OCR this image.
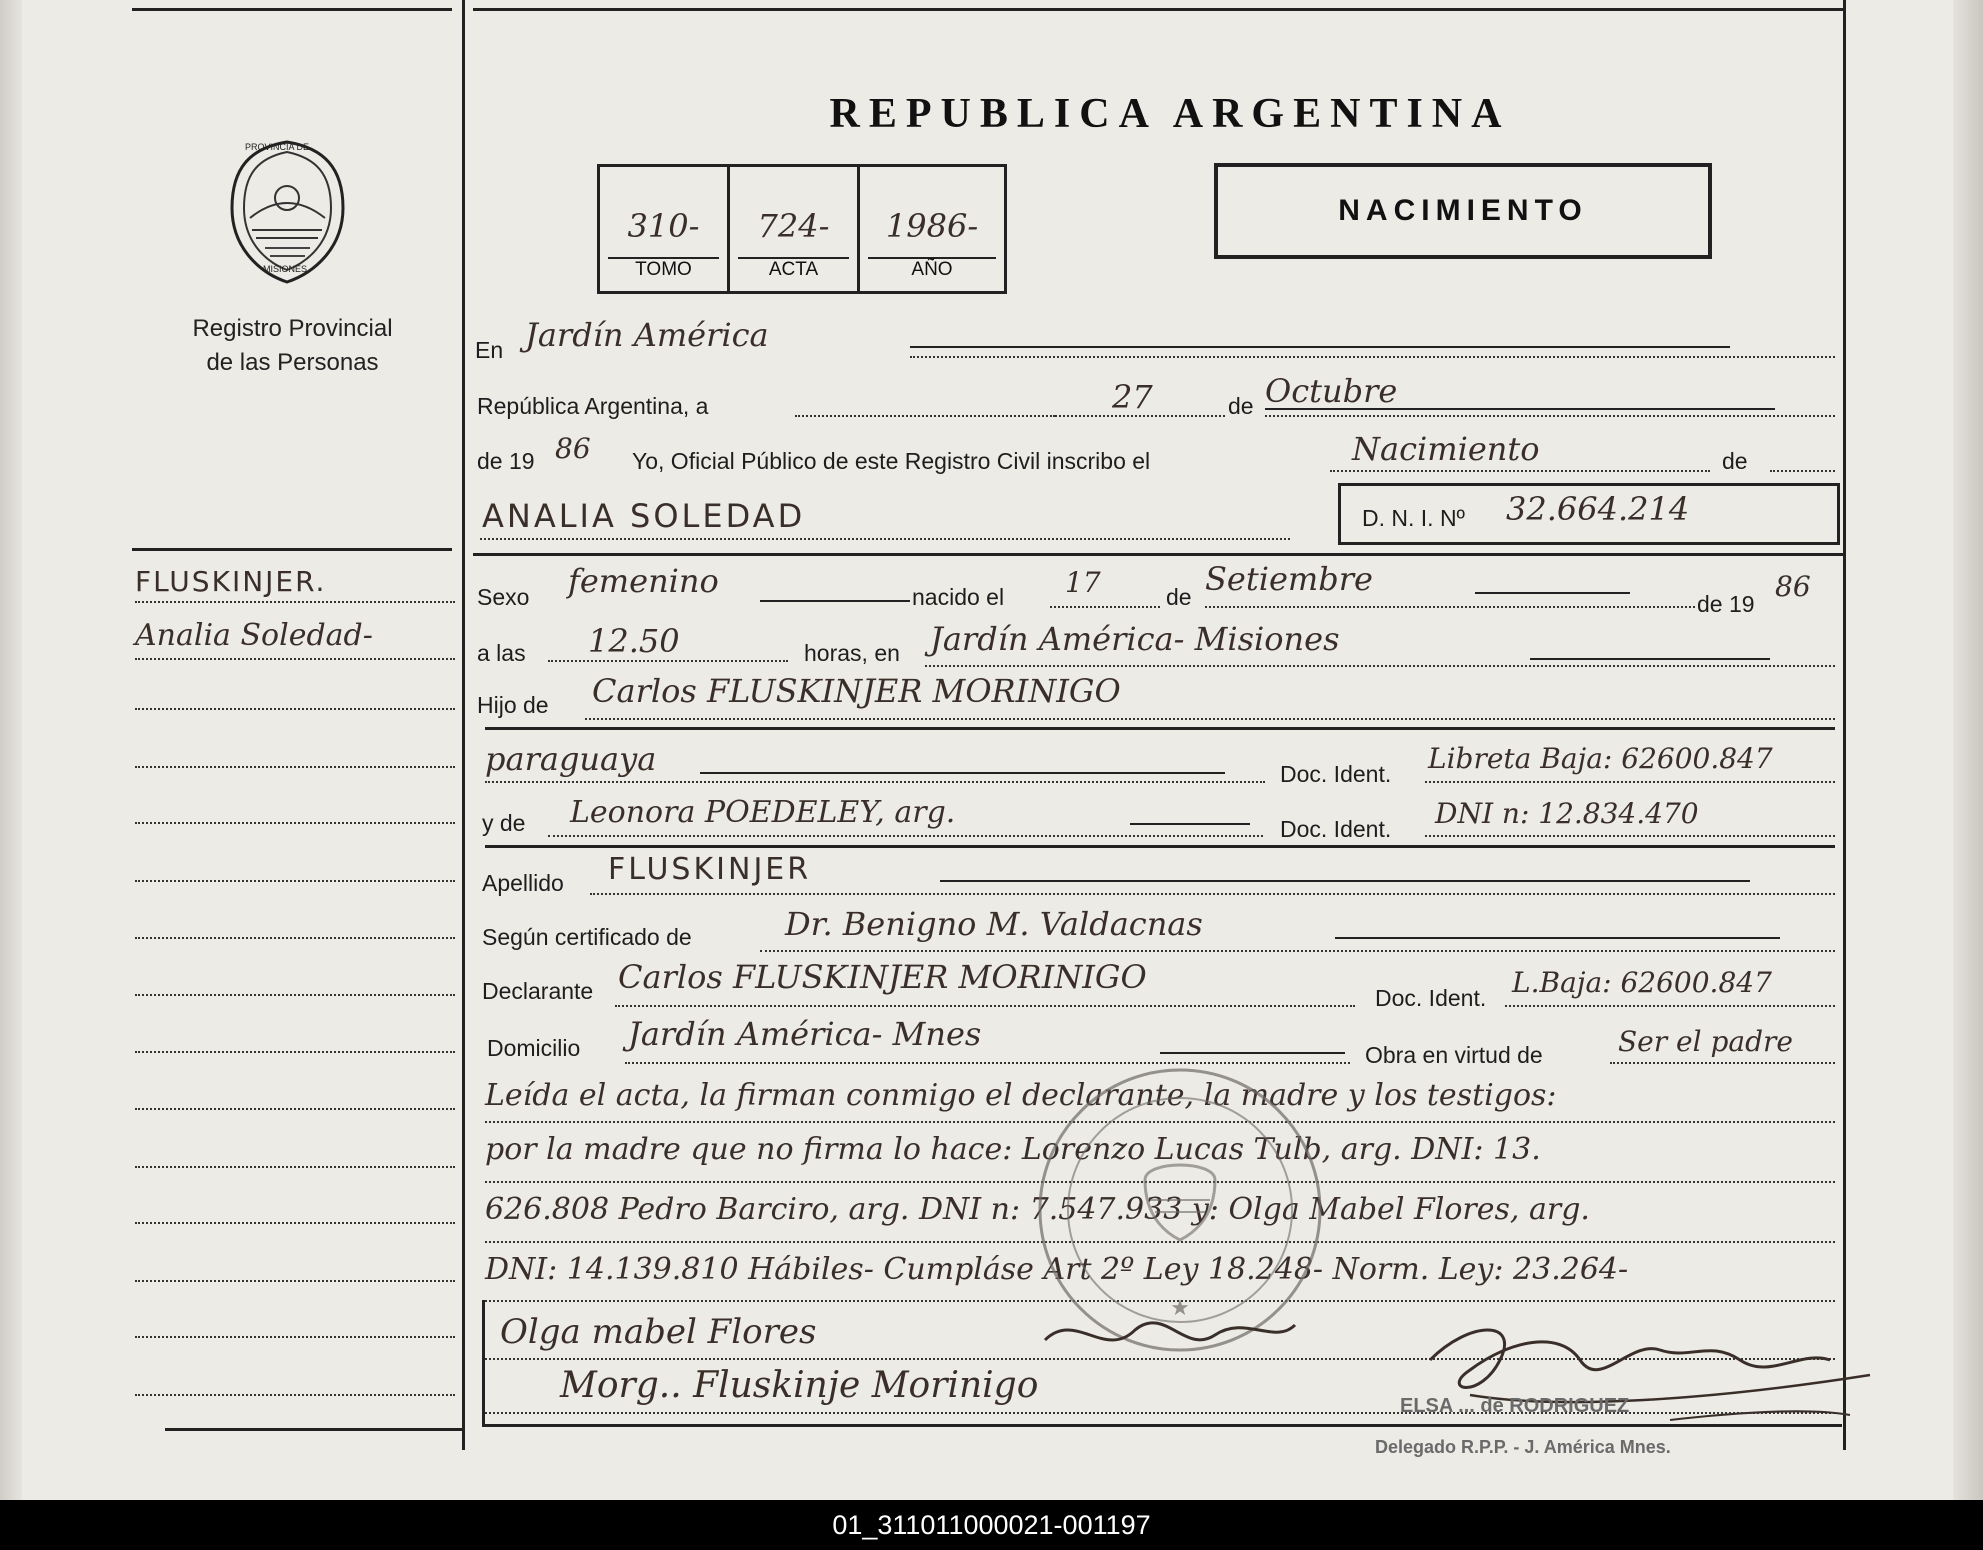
PROVINCIA DE
MISIONES
Registro Provincial
de las Personas
REPUBLICA ARGENTINA
310-
TOMO
724-
ACTA
1986-
AÑO
NACIMIENTO
En Jardín América
República Argentina, a	27	de Octubre
de 19 86 Yo, Oficial Público de este Registro Civil inscribo el	Nacimiento	de
ANALIA SOLEDAD	D. N. I. Nº 32.664.214
Sexo femenino	nacido el 17	de Setiembre
de 19
86
a las 12.50	horas, en Jardín América- Misiones
Hijo de Carlos FLUSKINJER MORINIGO
paraguaya	Doc. Ident. Libreta Baja: 62600.847
y de Leonora POEDELEY, arg.	Doc. Ident. DNI n: 12.834.470
Apellido FLUSKINJER
Según certificado de	Dr. Benigno M. Valdacnas
Declarante Carlos FLUSKINJER MORINIGO
Doc. Ident. L.Baja: 62600.847
Domicilio Jardín América- Mnes
Obra en virtud de	Ser el padre
Leída el acta, la firman conmigo el declarante, la madre y los testigos:
por la madre que no firma lo hace: Lorenzo Lucas Tulb, arg. DNI: 13.
626.808 Pedro Barciro, arg. DNI n: 7.547.933 y: Olga Mabel Flores, arg.
DNI: 14.139.810 Hábiles- Cumpláse Art 2º Ley 18.248- Norm. Ley: 23.264-
Olga mabel Flores
Morg.. Fluskinje Morinigo
FLUSKINJER.
Analia Soledad-
★
ELSA ... de RODRIGUEZ
Delegado R.P.P. - J. América Mnes.
01_311011000021-001197
